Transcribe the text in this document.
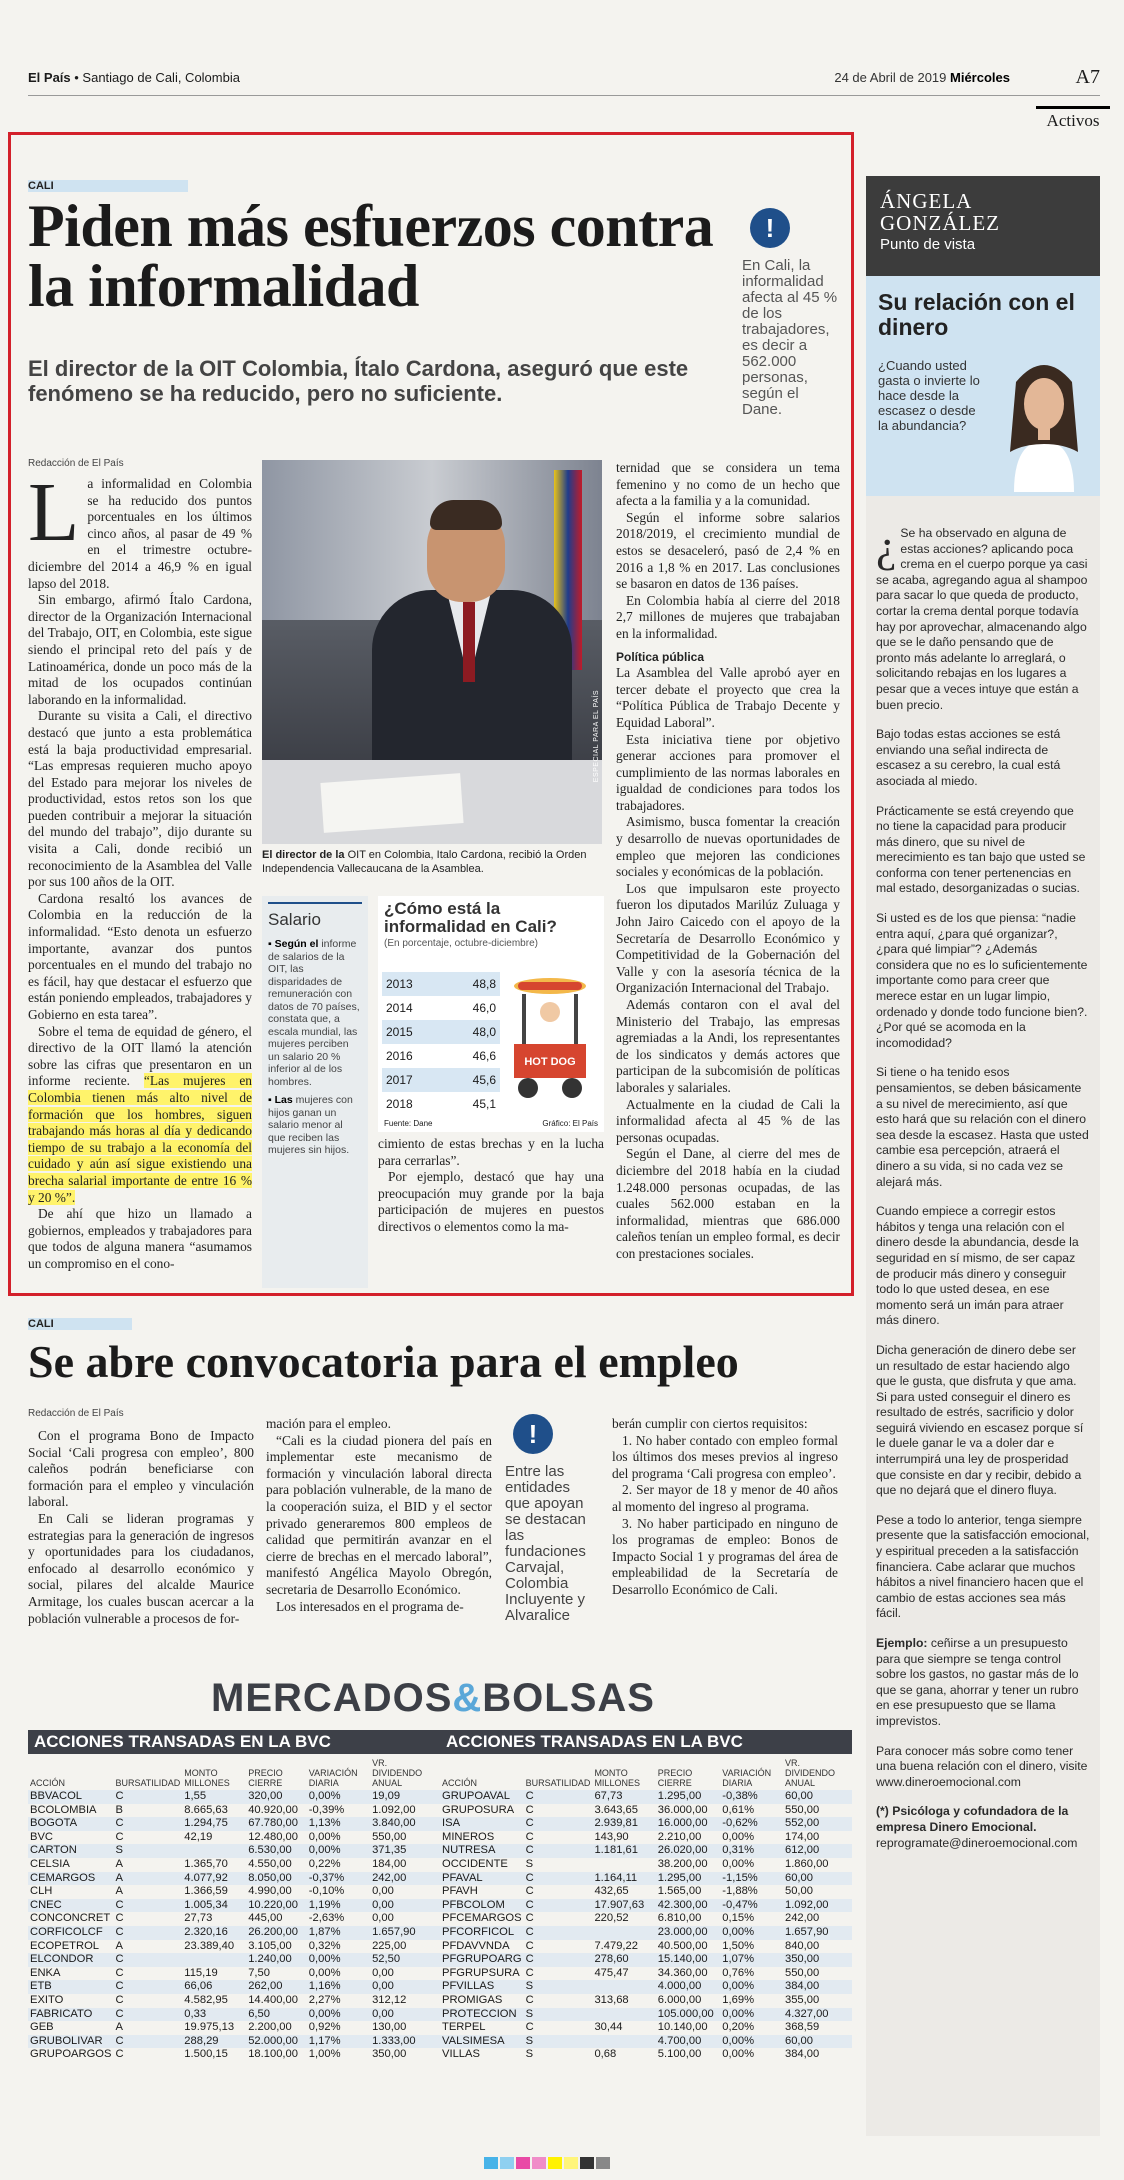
El País • Santiago de Cali, Colombia	24 de Abril de 2019 Miércoles	A7
Activos
CALI
Piden más esfuerzos contra la informalidad
El director de la OIT Colombia, Ítalo Cardona, aseguró que este fenómeno se ha reducido, pero no suficiente.
!
En Cali, la informalidad afecta al 45 % de los trabajadores, es decir a 562.000 personas, según el Dane.
Redacción de El País

La informalidad en Colombia se ha reducido dos puntos porcentuales en los últimos cinco años, al pasar de 49 % en el trimestre octubre-diciembre del 2014 a 46,9 % en igual lapso del 2018.

Sin embargo, afirmó Ítalo Cardona, director de la Organización Internacional del Trabajo, OIT, en Colombia, este sigue siendo el principal reto del país y de Latinoamérica, donde un poco más de la mitad de los ocupados continúan laborando en la informalidad.

Durante su visita a Cali, el directivo destacó que junto a esta problemática está la baja productividad empresarial. “Las empresas requieren mucho apoyo del Estado para mejorar los niveles de productividad, estos retos son los que pueden contribuir a mejorar la situación del mundo del trabajo”, dijo durante su visita a Cali, donde recibió un reconocimiento de la Asamblea del Valle por sus 100 años de la OIT.

Cardona resaltó los avances de Colombia en la reducción de la informalidad. “Esto denota un esfuerzo importante, avanzar dos puntos porcentuales en el mundo del trabajo no es fácil, hay que destacar el esfuerzo que están poniendo empleados, trabajadores y Gobierno en esta tarea”.

Sobre el tema de equidad de género, el directivo de la OIT llamó la atención sobre las cifras que presentaron en un informe reciente. “Las mujeres en Colombia tienen más alto nivel de formación que los hombres, siguen trabajando más horas al día y dedicando tiempo de su trabajo a la economía del cuidado y aún así sigue existiendo una brecha salarial importante de entre 16 % y 20 %”.

De ahí que hizo un llamado a gobiernos, empleados y trabajadores para que todos de alguna manera “asumamos un compromiso en el cono-

ESPECIAL PARA EL PAÍS
El director de la OIT en Colombia, Italo Cardona, recibió la Orden Independencia Vallecaucana de la Asamblea.
Salario

▪ Según el informe de salarios de la OIT, las disparidades de remuneración con datos de 70 países, constata que, a escala mundial, las mujeres perciben un salario 20 % inferior al de los hombres.

▪ Las mujeres con hijos ganan un salario menor al que reciben las mujeres sin hijos.

¿Cómo está la informalidad en Cali?
(En porcentaje, octubre-diciembre)
2013	48,8
2014	46,0
2015	48,0
2016	46,6
2017	45,6
2018	45,1
HOT DOG
Fuente: Dane	Gráfico: El País

cimiento de estas brechas y en la lucha para cerrarlas”.

Por ejemplo, destacó que hay una preocupación muy grande por la baja participación de mujeres en puestos directivos o elementos como la ma-

ternidad que se considera un tema femenino y no como de un hecho que afecta a la familia y a la comunidad.

Según el informe sobre salarios 2018/2019, el crecimiento mundial de estos se desaceleró, pasó de 2,4 % en 2016 a 1,8 % en 2017. Las conclusiones se basaron en datos de 136 países.

En Colombia había al cierre del 2018 2,7 millones de mujeres que trabajaban en la informalidad.

Política pública

La Asamblea del Valle aprobó ayer en tercer debate el proyecto que crea la “Política Pública de Trabajo Decente y Equidad Laboral”.

Esta iniciativa tiene por objetivo generar acciones para promover el cumplimiento de las normas laborales en igualdad de condiciones para todos los trabajadores.

Asimismo, busca fomentar la creación y desarrollo de nuevas oportunidades de empleo que mejoren las condiciones sociales y económicas de la población.

Los que impulsaron este proyecto fueron los diputados Marilúz Zuluaga y John Jairo Caicedo con el apoyo de la Secretaría de Desarrollo Económico y Competitividad de la Gobernación del Valle y con la asesoría técnica de la Organización Internacional del Trabajo.

Además contaron con el aval del Ministerio del Trabajo, las empresas agremiadas a la Andi, los representantes de los sindicatos y demás actores que participan de la subcomisión de políticas laborales y salariales.

Actualmente en la ciudad de Cali la informalidad afecta al 45 % de las personas ocupadas.

Según el Dane, al cierre del mes de diciembre del 2018 había en la ciudad 1.248.000 personas ocupadas, de las cuales 562.000 estaban en la informalidad, mientras que 686.000 caleños tenían un empleo formal, es decir con prestaciones sociales.

ÁNGELA
GONZÁLEZ
Punto de vista
Su relación con el dinero
¿Cuando usted gasta o invierte lo hace desde la escasez o desde la abundancia?

¿ Se ha observado en alguna de estas acciones? aplicando poca crema en el cuerpo porque ya casi se acaba, agregando agua al shampoo para sacar lo que queda de producto, cortar la crema dental porque todavía hay por aprovechar, almacenando algo que se le daño pensando que de pronto más adelante lo arreglará, o solicitando rebajas en los lugares a pesar que a veces intuye que están a buen precio.

Bajo todas estas acciones se está enviando una señal indirecta de escasez a su cerebro, la cual está asociada al miedo.

Prácticamente se está creyendo que no tiene la capacidad para producir más dinero, que su nivel de merecimiento es tan bajo que usted se conforma con tener pertenencias en mal estado, desorganizadas o sucias.

Si usted es de los que piensa: “nadie entra aquí, ¿para qué organizar?, ¿para qué limpiar”? ¿Además considera que no es lo suficientemente importante como para creer que merece estar en un lugar limpio, ordenado y donde todo funcione bien?. ¿Por qué se acomoda en la incomodidad?

Si tiene o ha tenido esos pensamientos, se deben básicamente a su nivel de merecimiento, así que esto hará que su relación con el dinero sea desde la escasez. Hasta que usted cambie esa percepción, atraerá el dinero a su vida, si no cada vez se alejará más.

Cuando empiece a corregir estos hábitos y tenga una relación con el dinero desde la abundancia, desde la seguridad en sí mismo, de ser capaz de producir más dinero y conseguir todo lo que usted desea, en ese momento será un imán para atraer más dinero.

Dicha generación de dinero debe ser un resultado de estar haciendo algo que le gusta, que disfruta y que ama. Si para usted conseguir el dinero es resultado de estrés, sacrificio y dolor seguirá viviendo en escasez porque sí le duele ganar le va a doler dar e interrumpirá una ley de prosperidad que consiste en dar y recibir, debido a que no dejará que el dinero fluya.

Pese a todo lo anterior, tenga siempre presente que la satisfacción emocional, y espiritual preceden a la satisfacción financiera. Cabe aclarar que muchos hábitos a nivel financiero hacen que el cambio de estas acciones sea más fácil.

Ejemplo: ceñirse a un presupuesto para que siempre se tenga control sobre los gastos, no gastar más de lo que se gana, ahorrar y tener un rubro en ese presupuesto que se llama imprevistos.

Para conocer más sobre como tener una buena relación con el dinero, visite www.dineroemocional.com

(*) Psicóloga y cofundadora de la empresa Dinero Emocional. reprogramate@dineroemocional.com

CALI
Se abre convocatoria para el empleo
Redacción de El País

Con el programa Bono de Impacto Social ‘Cali progresa con empleo’, 800 caleños podrán beneficiarse con formación para el empleo y vinculación laboral.

En Cali se lideran programas y estrategias para la generación de ingresos y oportunidades para los ciudadanos, enfocado al desarrollo económico y social, pilares del alcalde Maurice Armitage, los cuales buscan acercar a la población vulnerable a procesos de for-

mación para el empleo.

“Cali es la ciudad pionera del país en implementar este mecanismo de formación y vinculación laboral directa para población vulnerable, de la mano de la cooperación suiza, el BID y el sector privado generaremos 800 empleos de calidad que permitirán avanzar en el cierre de brechas en el mercado laboral”, manifestó Angélica Mayolo Obregón, secretaria de Desarrollo Económico.

Los interesados en el programa de-

!
Entre las entidades que apoyan se destacan las fundaciones Carvajal, Colombia Incluyente y Alvaralice

berán cumplir con ciertos requisitos:

1. No haber contado con empleo formal los últimos dos meses previos al ingreso del programa ‘Cali progresa con empleo’.

2. Ser mayor de 18 y menor de 40 años al momento del ingreso al programa.

3. No haber participado en ninguno de los programas de empleo: Bonos de Impacto Social 1 y programas del área de empleabilidad de la Secretaría de Desarrollo Económico de Cali.

MERCADOS&BOLSAS
ACCIONES TRANSADAS EN LA BVC
ACCIÓN	BURSATILIDAD	MONTO MILLONES	PRECIO CIERRE	VARIACIÓN DIARIA	VR. DIVIDENDO ANUAL
BBVACOL	C	1,55	320,00	0,00%	19,09
BCOLOMBIA	B	8.665,63	40.920,00	-0,39%	1.092,00
BOGOTA	C	1.294,75	67.780,00	1,13%	3.840,00
BVC	C	42,19	12.480,00	0,00%	550,00
CARTON	S		6.530,00	0,00%	371,35
CELSIA	A	1.365,70	4.550,00	0,22%	184,00
CEMARGOS	A	4.077,92	8.050,00	-0,37%	242,00
CLH	A	1.366,59	4.990,00	-0,10%	0,00
CNEC	C	1.005,34	10.220,00	1,19%	0,00
CONCONCRET	C	27,73	445,00	-2,63%	0,00
CORFICOLCF	C	2.320,16	26.200,00	1,87%	1.657,90
ECOPETROL	A	23.389,40	3.105,00	0,32%	225,00
ELCONDOR	C		1.240,00	0,00%	52,50
ENKA	C	115,19	7,50	0,00%	0,00
ETB	C	66,06	262,00	1,16%	0,00
EXITO	C	4.582,95	14.400,00	2,27%	312,12
FABRICATO	C	0,33	6,50	0,00%	0,00
GEB	A	19.975,13	2.200,00	0,92%	130,00
GRUBOLIVAR	C	288,29	52.000,00	1,17%	1.333,00
GRUPOARGOS	C	1.500,15	18.100,00	1,00%	350,00
ACCIONES TRANSADAS EN LA BVC
ACCIÓN	BURSATILIDAD	MONTO MILLONES	PRECIO CIERRE	VARIACIÓN DIARIA	VR. DIVIDENDO ANUAL
GRUPOAVAL	C	67,73	1.295,00	-0,38%	60,00
GRUPOSURA	C	3.643,65	36.000,00	0,61%	550,00
ISA	C	2.939,81	16.000,00	-0,62%	552,00
MINEROS	C	143,90	2.210,00	0,00%	174,00
NUTRESA	C	1.181,61	26.020,00	0,31%	612,00
OCCIDENTE	S		38.200,00	0,00%	1.860,00
PFAVAL	C	1.164,11	1.295,00	-1,15%	60,00
PFAVH	C	432,65	1.565,00	-1,88%	50,00
PFBCOLOM	C	17.907,63	42.300,00	-0,47%	1.092,00
PFCEMARGOS	C	220,52	6.810,00	0,15%	242,00
PFCORFICOL	C		23.000,00	0,00%	1.657,90
PFDAVVNDA	C	7.479,22	40.500,00	1,50%	840,00
PFGRUPOARG	C	278,60	15.140,00	1,07%	350,00
PFGRUPSURA	C	475,47	34.360,00	0,76%	550,00
PFVILLAS	S		4.000,00	0,00%	384,00
PROMIGAS	C	313,68	6.000,00	1,69%	355,00
PROTECCION	S		105.000,00	0,00%	4.327,00
TERPEL	C	30,44	10.140,00	0,20%	368,59
VALSIMESA	S		4.700,00	0,00%	60,00
VILLAS	S	0,68	5.100,00	0,00%	384,00
